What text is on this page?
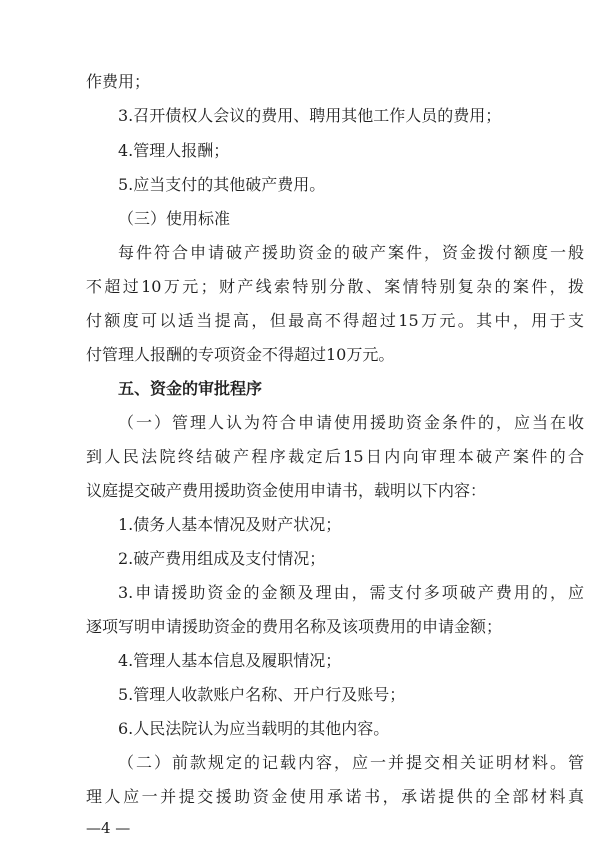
作费用；
3.召开债权人会议的费用、聘用其他工作人员的费用；
4.管理人报酬；
5.应当支付的其他破产费用。
（三）使用标准
每件符合申请破产援助资金的破产案件，资金拨付额度一般
不超过10万元；财产线索特别分散、案情特别复杂的案件，拨
付额度可以适当提高，但最高不得超过15万元。其中，用于支
付管理人报酬的专项资金不得超过10万元。
五、资金的审批程序
（一）管理人认为符合申请使用援助资金条件的，应当在收
到人民法院终结破产程序裁定后15日内向审理本破产案件的合
议庭提交破产费用援助资金使用申请书，载明以下内容：
1.债务人基本情况及财产状况；
2.破产费用组成及支付情况；
3.申请援助资金的金额及理由，需支付多项破产费用的，应
逐项写明申请援助资金的费用名称及该项费用的申请金额；
4.管理人基本信息及履职情况；
5.管理人收款账户名称、开户行及账号；
6.人民法院认为应当载明的其他内容。
（二）前款规定的记载内容，应一并提交相关证明材料。管
理人应一并提交援助资金使用承诺书，承诺提供的全部材料真
—4 —
